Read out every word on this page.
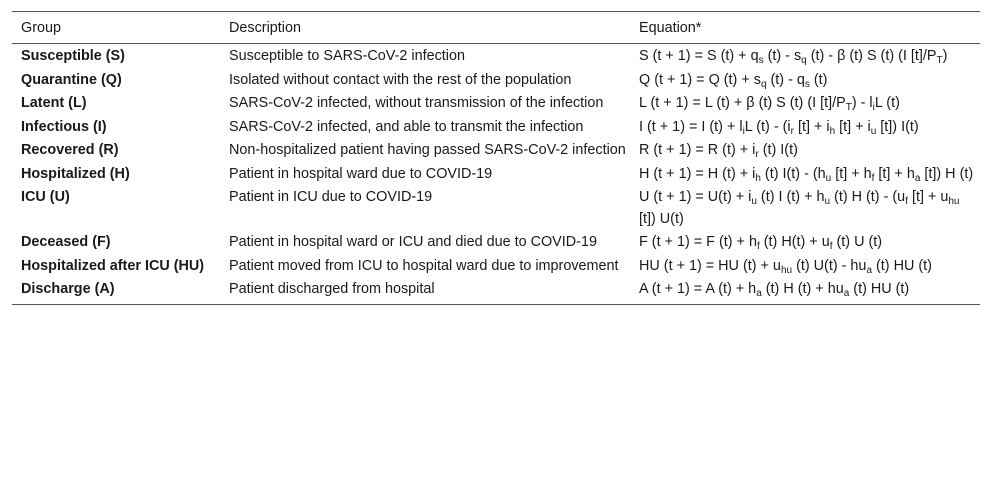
Group	Description	Equation*
Susceptible (S)	Susceptible to SARS-CoV-2 infection	S (t + 1) = S $(t) + q_s$ $(t) - s_q$ (t) - β (t) S (t) (I $[t]/P_T$)
Quarantine (Q)	Isolated without contact with the rest of the population	Q (t + 1) = Q $(t) + s_q$ $(t) - q_s$ (t)
Latent (L)	SARS-CoV-2 infected, without transmission of the infection	L (t + 1) = L (t) + β (t) S (t) (I $[t]/P_T) - l_iL$ (t)
Infectious (I)	SARS-CoV-2 infected, and able to transmit the infection	I (t + 1) = I $(t) + l_iL$ $(t) - (i_r$ $[t] + i_h$ $[t] + i_u$ [t]) I(t)
Recovered (R)	Non-hospitalized patient having passed SARS-CoV-2 infection	R (t + 1) = R $(t) + i_r$ (t) I(t)
Hospitalized (H)	Patient in hospital ward due to COVID-19	H (t + 1) = H $(t) + i_h$ (t) $I(t) - (h_u$ $[t] + h_f$ $[t] + h_a$ [t]) H (t)
ICU (U)	Patient in ICU due to COVID-19	U $(t + 1) = U(t) + i_u$ (t) I $(t) + h_u$ (t) H $(t) - (u_f$ $[t] + u_{hu}$ [t]) U(t)
Deceased (F)	Patient in hospital ward or ICU and died due to COVID-19	F (t + 1) = F $(t) + h_f$ (t) $H(t) + u_f$ (t) U (t)
Hospitalized after ICU (HU)	Patient moved from ICU to hospital ward due to improvement	HU (t + 1) = HU $(t) + u_{hu}$ (t) $U(t) - hu_a$ (t) HU (t)
Discharge (A)	Patient discharged from hospital	A (t + 1) = A $(t) + h_a$ (t) H $(t) + hu_a$ (t) HU (t)
